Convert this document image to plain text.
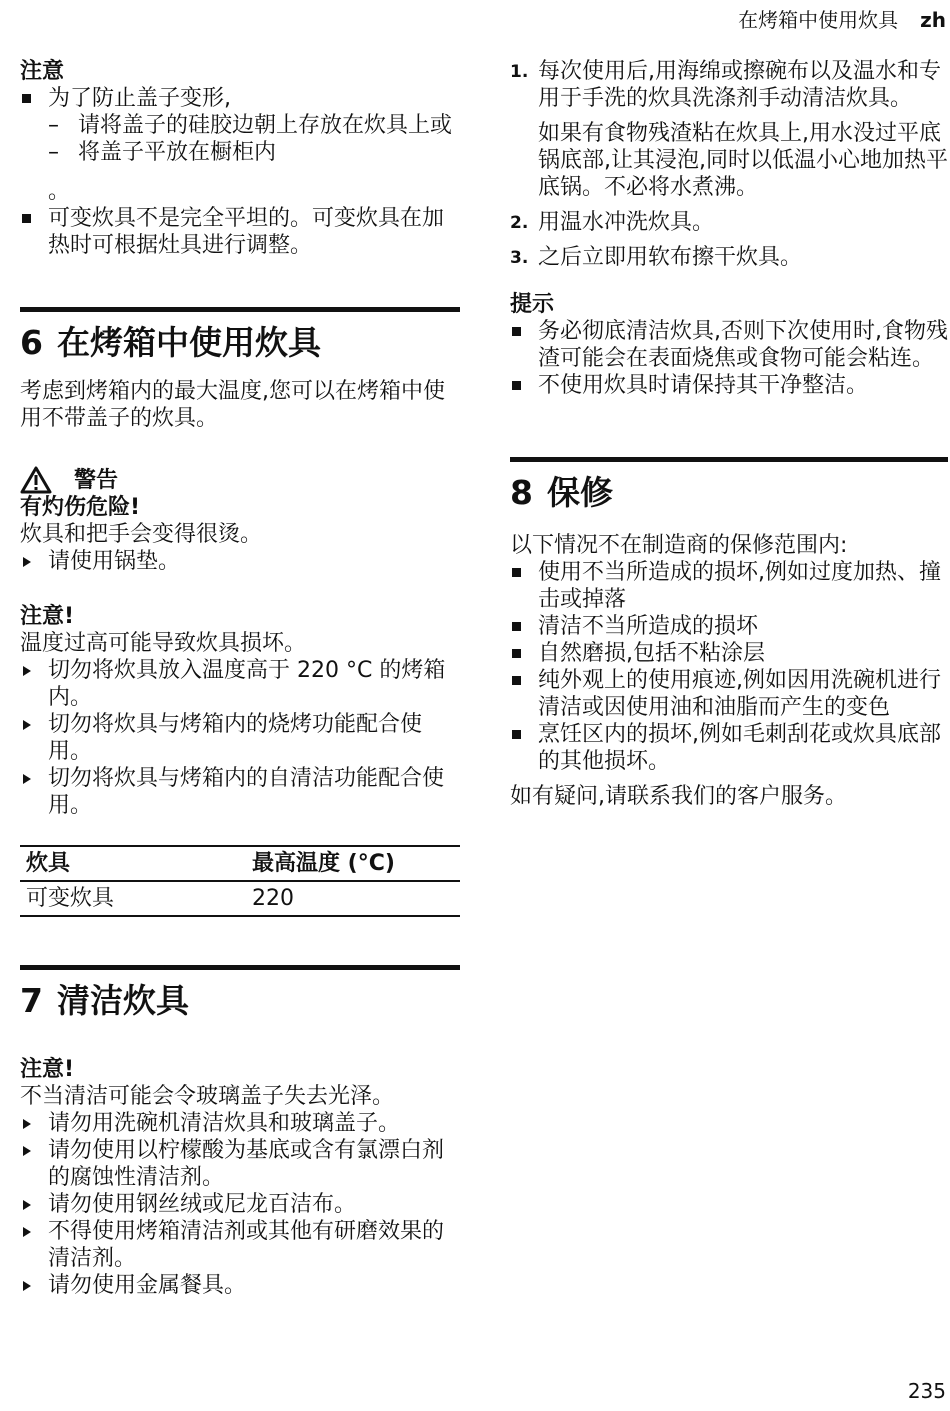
在烤箱中使用炊具 zh

注意

为了防止盖子变形,
– 请将盖子的硅胶边朝上存放在炊具上或
– 将盖子平放在橱柜内

。

可变炊具不是完全平坦的。可变炊具在加热时可根据灶具进行调整。
6 在烤箱中使用炊具

考虑到烤箱内的最大温度,您可以在烤箱中使用不带盖子的炊具。

警告

有灼伤危险!

炊具和把手会变得很烫。

请使用锅垫。

注意!

温度过高可能导致炊具损坏。

切勿将炊具放入温度高于 220 °C 的烤箱内。
切勿将炊具与烤箱内的烧烤功能配合使用。
切勿将炊具与烤箱内的自清洁功能配合使用。
炊具	最高温度 (°C)
可变炊具	220
7 清洁炊具

注意!

不当清洁可能会令玻璃盖子失去光泽。

请勿用洗碗机清洁炊具和玻璃盖子。
请勿使用以柠檬酸为基底或含有氯漂白剂的腐蚀性清洁剂。
请勿使用钢丝绒或尼龙百洁布。
不得使用烤箱清洁剂或其他有研磨效果的清洁剂。
请勿使用金属餐具。
1. 每次使用后,用海绵或擦碗布以及温水和专用于手洗的炊具洗涤剂手动清洁炊具。

如果有食物残渣粘在炊具上,用水没过平底锅底部,让其浸泡,同时以低温小心地加热平底锅。不必将水煮沸。

2. 用温水冲洗炊具。
3. 之后立即用软布擦干炊具。

提示

务必彻底清洁炊具,否则下次使用时,食物残渣可能会在表面烧焦或食物可能会粘连。
不使用炊具时请保持其干净整洁。
8 保修

以下情况不在制造商的保修范围内:

使用不当所造成的损坏,例如过度加热、撞击或掉落
清洁不当所造成的损坏
自然磨损,包括不粘涂层
纯外观上的使用痕迹,例如因用洗碗机进行清洁或因使用油和油脂而产生的变色
烹饪区内的损坏,例如毛刺刮花或炊具底部的其他损坏。

如有疑问,请联系我们的客户服务。

235
